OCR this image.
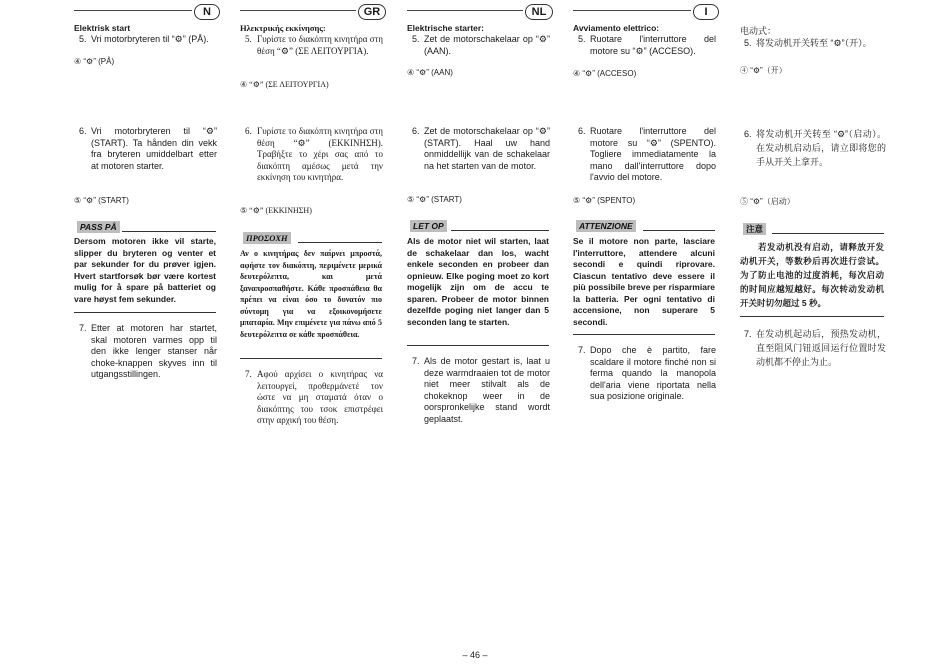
N
Elektrisk start
5. Vri motorbryteren til “⚙” (PÅ).
④ “⚙” (PÅ)
6. Vri motorbryteren til “⚙” (START). Ta hånden din vekk fra bryteren umiddelbart etter at motoren starter.
⑤ “⚙” (START)
PASS PÅ
Dersom motoren ikke vil starte, slipper du bryteren og venter et par sekunder for du prøver igjen. Hvert startforsøk bør være kortest mulig for å spare på batteriet og vare høyst fem sekunder.
7. Etter at motoren har startet, skal motoren varmes opp til den ikke lenger stanser når choke-knappen skyves inn til utgangsstillingen.
GR
Ηλεκτρικής εκκίνησης:
5. Γυρίστε το διακόπτη κινητήρα στη θέση “⚙” (ΣΕ ΛΕΙΤΟΥΡΓΙΑ).
④ “⚙” (ΣΕ ΛΕΙΤΟΥΡΓΙΑ)
6. Γυρίστε το διακόπτη κινητήρα στη θέση “⚙” (ΕΚΚΙΝΗΣΗ). Τραβήξτε το χέρι σας από το διακόπτη αμέσως μετά την εκκίνηση του κινητήρα.
⑤ “⚙” (ΕΚΚΙΝΗΣΗ)
ΠΡΟΣΟΧΗ
Αν ο κινητήρας δεν παίρνει μπροστά, αφήστε τον διακόπτη, περιμένετε μερικά δευτερόλεπτα, και μετά ξαναπροσπαθήστε. Κάθε προσπάθεια θα πρέπει να είναι όσο το δυνατόν πιο σύντομη για να εξοικονομήσετε μπαταρία. Μην επιμένετε για πάνω από 5 δευτερόλεπτα σε κάθε προσπάθεια.
7. Αφού αρχίσει ο κινητήρας να λειτουργεί, προθερμάνετέ τον ώστε να μη σταματά όταν ο διακόπτης του τσοκ επιστρέφει στην αρχική του θέση.
NL
Elektrische starter:
5. Zet de motorschakelaar op “⚙” (AAN).
④ “⚙” (AAN)
6. Zet de motorschakelaar op “⚙” (START). Haal uw hand onmiddellijk van de schakelaar na het starten van de motor.
⑤ “⚙” (START)
LET OP
Als de motor niet wil starten, laat de schakelaar dan los, wacht enkele seconden en probeer dan opnieuw. Elke poging moet zo kort mogelijk zijn om de accu te sparen. Probeer de motor binnen dezelfde poging niet langer dan 5 seconden lang te starten.
7. Als de motor gestart is, laat u deze warmdraaien tot de motor niet meer stilvalt als de chokeknop weer in de oorspronkelijke stand wordt geplaatst.
I
Avviamento elettrico:
5. Ruotare l'interruttore del motore su “⚙” (ACCESO).
④ “⚙” (ACCESO)
6. Ruotare l'interruttore del motore su “⚙” (SPENTO). Togliere immediatamente la mano dall'interruttore dopo l'avvio del motore.
⑤ “⚙” (SPENTO)
ATTENZIONE
Se il motore non parte, lasciare l'interruttore, attendere alcuni secondi e quindi riprovare. Ciascun tentativo deve essere il più possibile breve per risparmiare la batteria. Per ogni tentativo di accensione, non superare 5 secondi.
7. Dopo che è partito, fare scaldare il motore finché non si ferma quando la manopola dell'aria viene riportata nella sua posizione originale.
电动式：
5. 将发动机开关转至 “⚙”（开）。
④ “⚙”（开）
6. 将发动机开关转至 “⚙”（启动）。在发动机启动后，请立即将您的手从开关上拿开。
⑤ “⚙”（启动）
注意
若发动机没有启动，请释放开发动机开关，等数秒后再次进行尝试。为了防止电池的过度消耗，每次启动的时间应越短越好。每次转动发动机开关时切勿超过 5 秒。
7. 在发动机起动后，预热发动机，直至阻风门钮返回运行位置时发动机都不停止为止。
– 46 –
